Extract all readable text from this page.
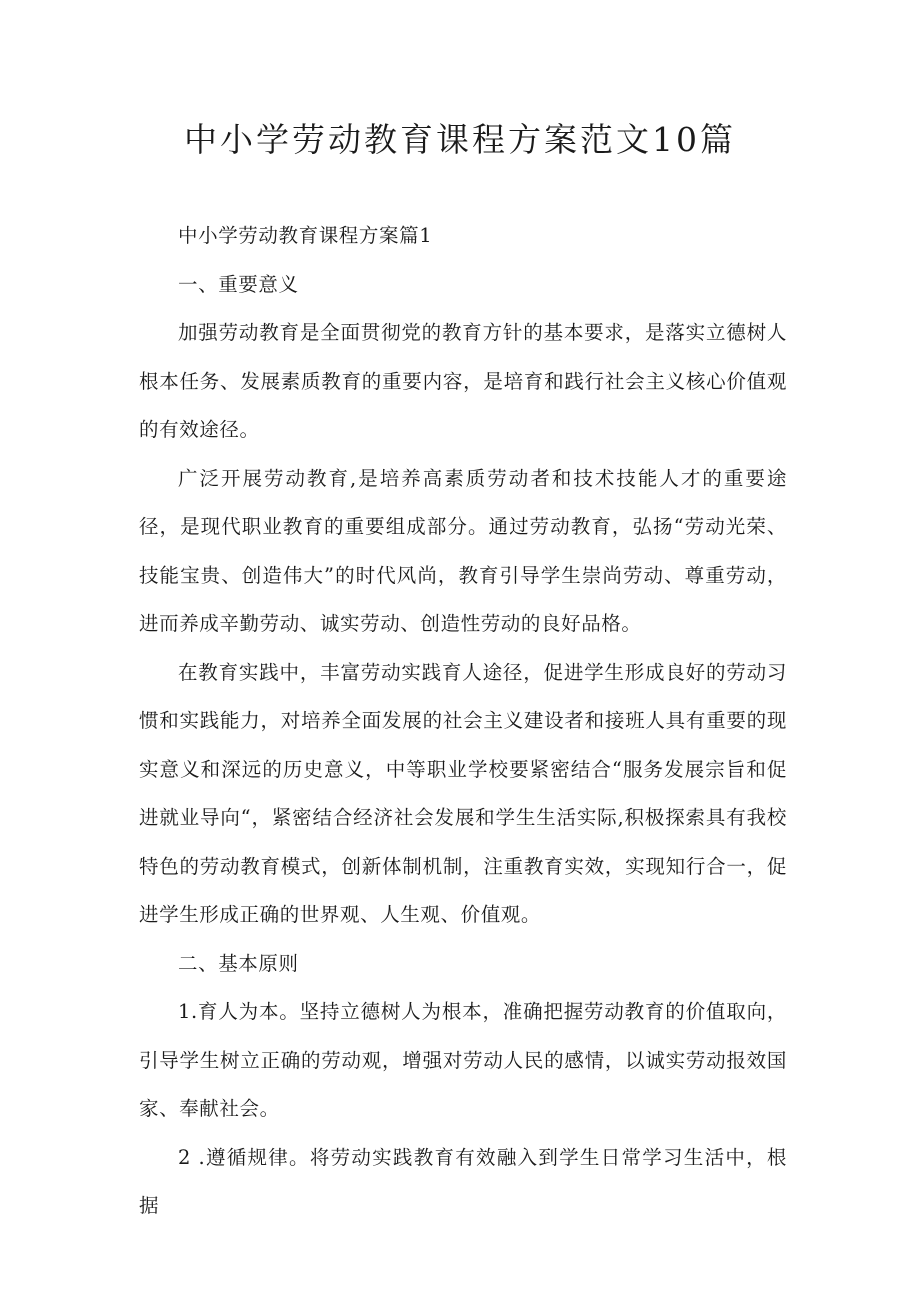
中小学劳动教育课程方案范文10篇

中小学劳动教育课程方案篇1

一、重要意义

加强劳动教育是全面贯彻党的教育方针的基本要求，是落实立德树人根本任务、发展素质教育的重要内容，是培育和践行社会主义核心价值观的有效途径。

广泛开展劳动教育,是培养高素质劳动者和技术技能人才的重要途径，是现代职业教育的重要组成部分。通过劳动教育，弘扬“劳动光荣、技能宝贵、创造伟大”的时代风尚，教育引导学生崇尚劳动、尊重劳动，进而养成辛勤劳动、诚实劳动、创造性劳动的良好品格。

在教育实践中，丰富劳动实践育人途径，促进学生形成良好的劳动习惯和实践能力，对培养全面发展的社会主义建设者和接班人具有重要的现实意义和深远的历史意义，中等职业学校要紧密结合“服务发展宗旨和促进就业导向“，紧密结合经济社会发展和学生生活实际,积极探索具有我校特色的劳动教育模式，创新体制机制，注重教育实效，实现知行合一，促进学生形成正确的世界观、人生观、价值观。

二、基本原则

1.育人为本。坚持立德树人为根本，准确把握劳动教育的价值取向，引导学生树立正确的劳动观，增强对劳动人民的感情，以诚实劳动报效国家、奉献社会。

2 .遵循规律。将劳动实践教育有效融入到学生日常学习生活中，根据
